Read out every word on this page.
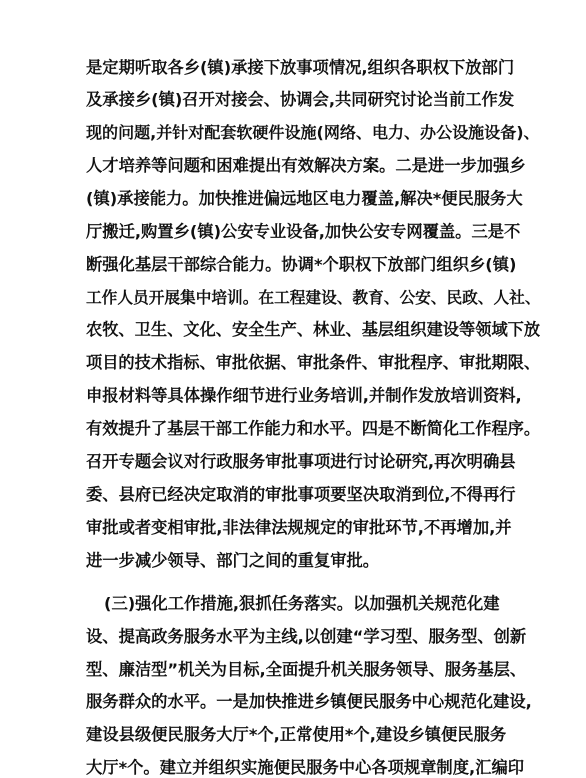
是定期听取各乡(镇)承接下放事项情况,组织各职权下放部门
及承接乡(镇)召开对接会、协调会,共同研究讨论当前工作发
现的问题,并针对配套软硬件设施(网络、电力、办公设施设备)、
人才培养等问题和困难提出有效解决方案。二是进一步加强乡
(镇)承接能力。加快推进偏远地区电力覆盖,解决*便民服务大
厅搬迁,购置乡(镇)公安专业设备,加快公安专网覆盖。三是不
断强化基层干部综合能力。协调*个职权下放部门组织乡(镇)
工作人员开展集中培训。在工程建设、教育、公安、民政、人社、
农牧、卫生、文化、安全生产、林业、基层组织建设等领域下放
项目的技术指标、审批依据、审批条件、审批程序、审批期限、
申报材料等具体操作细节进行业务培训,并制作发放培训资料,
有效提升了基层干部工作能力和水平。四是不断简化工作程序。
召开专题会议对行政服务审批事项进行讨论研究,再次明确县
委、县府已经决定取消的审批事项要坚决取消到位,不得再行
审批或者变相审批,非法律法规规定的审批环节,不再增加,并
进一步减少领导、部门之间的重复审批。
(三)强化工作措施,狠抓任务落实。以加强机关规范化建
设、提高政务服务水平为主线,以创建“学习型、服务型、创新
型、廉洁型”机关为目标,全面提升机关服务领导、服务基层、
服务群众的水平。一是加快推进乡镇便民服务中心规范化建设,
建设县级便民服务大厅*个,正常使用*个,建设乡镇便民服务
大厅*个。建立并组织实施便民服务中心各项规章制度,汇编印
